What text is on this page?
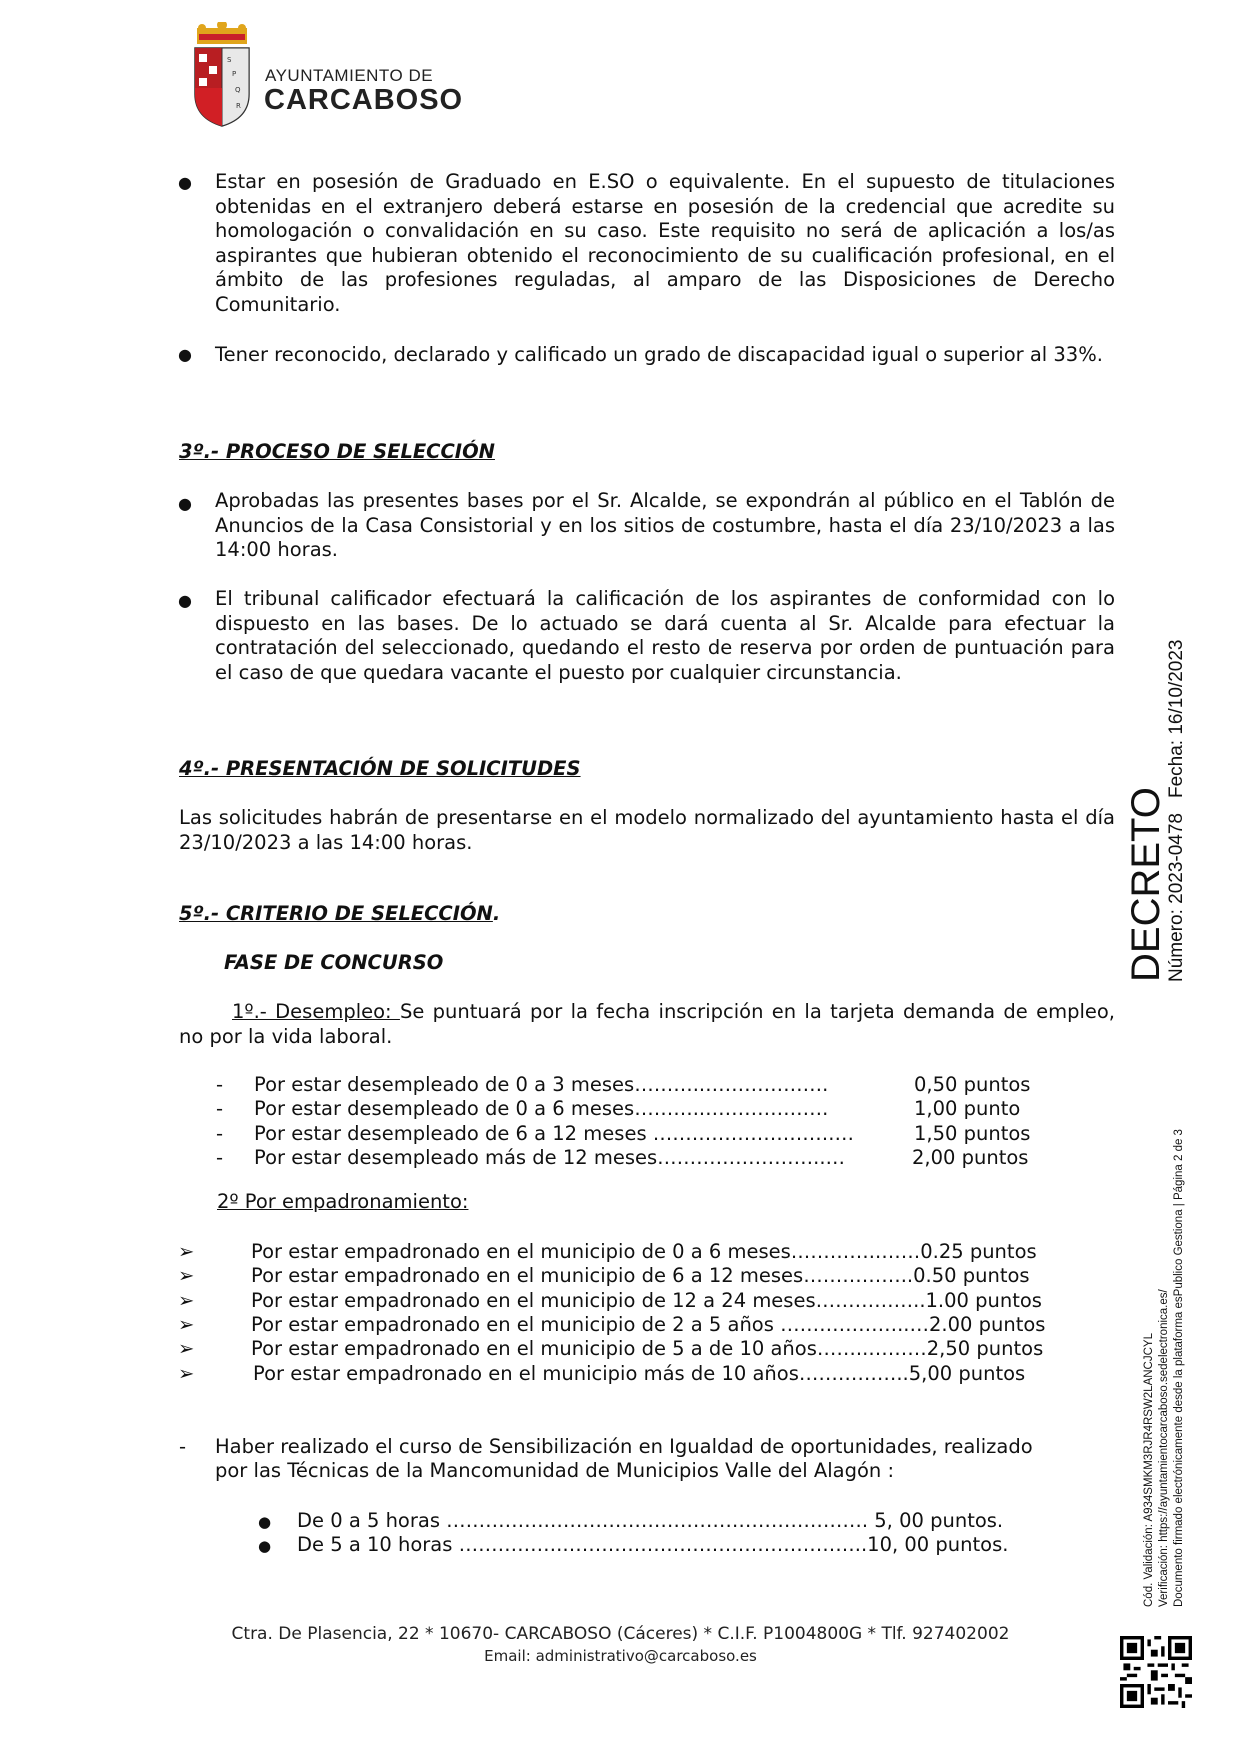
S
P
Q
R
AYUNTAMIENTO DE
CARCABOSO
● Estar en posesión de Graduado en E.SO o equivalente. En el supuesto de titulaciones obtenidas en el extranjero deberá estarse en posesión de la credencial que acredite su homologación o convalidación en su caso. Este requisito no será de aplicación a los/as aspirantes que hubieran obtenido el reconocimiento de su cualificación profesional, en el ámbito de las profesiones reguladas, al amparo de las Disposiciones de Derecho Comunitario.
● Tener reconocido, declarado y calificado un grado de discapacidad igual o superior al 33%.
3º.- PROCESO DE SELECCIÓN
● Aprobadas las presentes bases por el Sr. Alcalde, se expondrán al público en el Tablón de Anuncios de la Casa Consistorial y en los sitios de costumbre, hasta el día 23/10/2023 a las 14:00 horas.
● El tribunal calificador efectuará la calificación de los aspirantes de conformidad con lo dispuesto en las bases. De lo actuado se dará cuenta al Sr. Alcalde para efectuar la contratación del seleccionado, quedando el resto de reserva por orden de puntuación para el caso de que quedara vacante el puesto por cualquier circunstancia.
4º.- PRESENTACIÓN DE SOLICITUDES
Las solicitudes habrán de presentarse en el modelo normalizado del ayuntamiento hasta el día 23/10/2023 a las 14:00 horas.
5º.- CRITERIO DE SELECCIÓN.
FASE DE CONCURSO
1º.- Desempleo: Se puntuará por la fecha inscripción en la tarjeta demanda de empleo, no por la vida laboral.
- Por estar desempleado de 0 a 3 meses………..……………….	0,50 puntos
- Por estar desempleado de 0 a 6 meses………..……………….	1,00 punto
- Por estar desempleado de 6 a 12 meses ……………………….…	1,50 puntos
- Por estar desempleado más de 12 meses……………………..…	2,00 puntos
2º Por empadronamiento:
➢	Por estar empadronado en el municipio de 0 a 6 meses…………..……0.25 puntos
➢	Por estar empadronado en el municipio de 6 a 12 meses……………..0.50 puntos
➢	Por estar empadronado en el municipio de 12 a 24 meses……………..1.00 puntos
➢	Por estar empadronado en el municipio de 2 a 5 años ………………..…2.00 puntos
➢	Por estar empadronado en el municipio de 5 a de 10 años……..………2,50 puntos
➢	Por estar empadronado en el municipio más de 10 años……………..5,00 puntos
- Haber realizado el curso de Sensibilización en Igualdad de oportunidades, realizado
por las Técnicas de la Mancomunidad de Municipios Valle del Alagón :
● De 0 a 5 horas …………….…………………………………………. 5, 00 puntos.
● De 5 a 10 horas …………….………………………………………..10, 00 puntos.
Ctra. De Plasencia, 22 * 10670- CARCABOSO (Cáceres) * C.I.F. P1004800G * Tlf. 927402002
Email: administrativo@carcaboso.es
DECRETO
Número: 2023-0478
Fecha: 16/10/2023
Cód. Validación: A934SMKM3RJR4RSW2LANCJCYL Verificación: https://ayuntamientocarcaboso.sedelectronica.es/ Documento firmado electrónicamente desde la plataforma esPublico Gestiona | Página 2 de 3
